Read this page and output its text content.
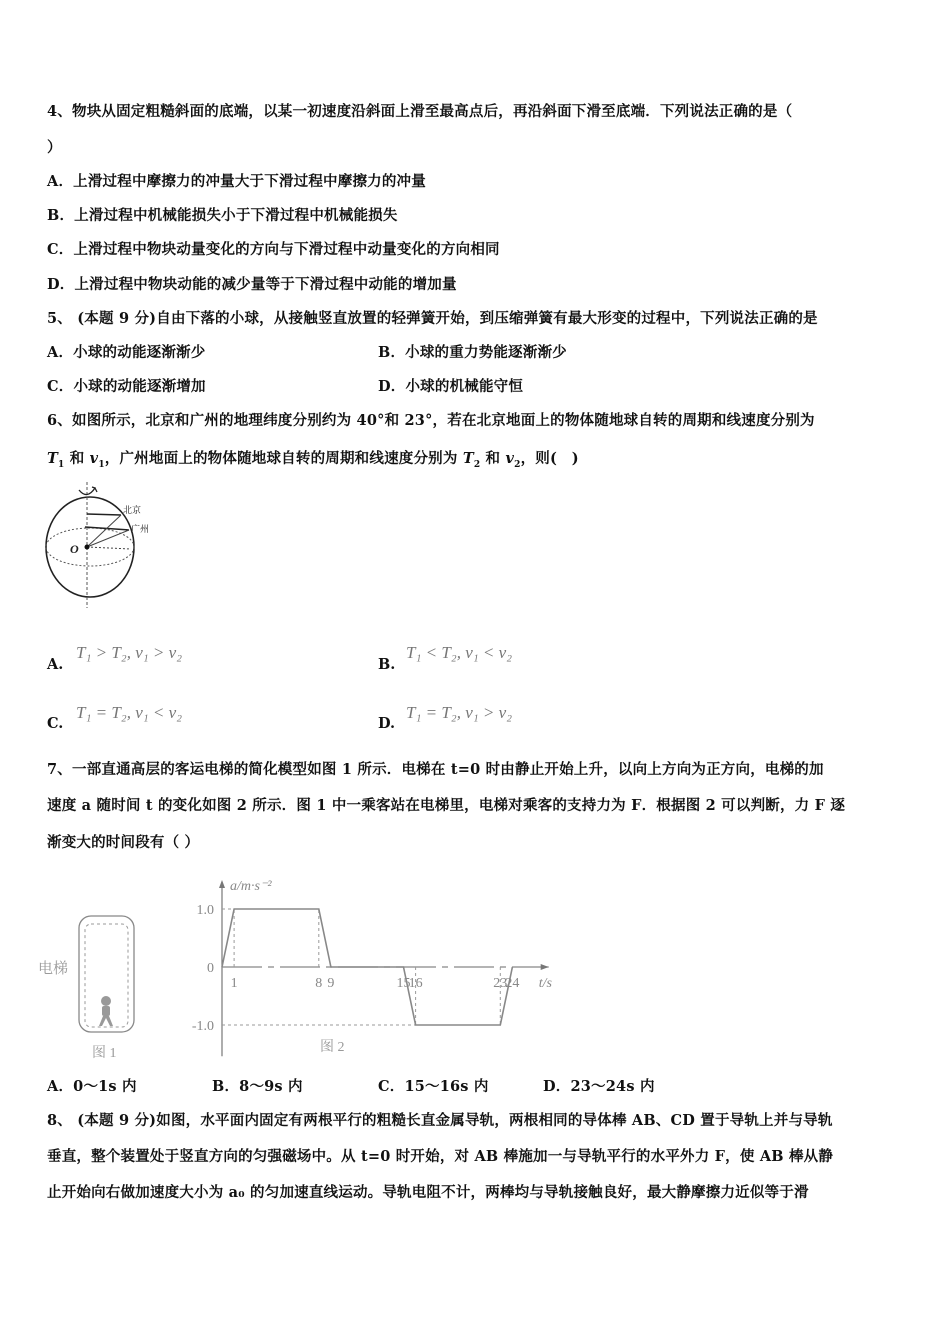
4、物块从固定粗糙斜面的底端，以某一初速度沿斜面上滑至最高点后，再沿斜面下滑至底端．下列说法正确的是（
）
A．上滑过程中摩擦力的冲量大于下滑过程中摩擦力的冲量
B．上滑过程中机械能损失小于下滑过程中机械能损失
C．上滑过程中物块动量变化的方向与下滑过程中动量变化的方向相同
D．上滑过程中物块动能的减少量等于下滑过程中动能的增加量
5、 (本题 9 分)自由下落的小球，从接触竖直放置的轻弹簧开始，到压缩弹簧有最大形变的过程中，下列说法正确的是
A．小球的动能逐渐渐少	B．小球的重力势能逐渐渐少
C．小球的动能逐渐增加	D．小球的机械能守恒
6、如图所示，北京和广州的地理纬度分别约为 40°和 23°，若在北京地面上的物体随地球自转的周期和线速度分别为
$T_1$ 和 $v_1$，广州地面上的物体随地球自转的周期和线速度分别为 $T_2$ 和 $v_2$，则(　)
北京
广州
O
A.
T₁ > T₂, v₁ > v₂
B.
T₁ < T₂, v₁ < v₂
C.
T₁ = T₂, v₁ < v₂
D.
T₁ = T₂, v₁ > v₂
7、一部直通高层的客运电梯的简化模型如图 1 所示．电梯在 t=0 时由静止开始上升，以向上方向为正方向，电梯的加
速度 a 随时间 t 的变化如图 2 所示．图 1 中一乘客站在电梯里，电梯对乘客的支持力为 F．根据图 2 可以判断，力 F 逐
渐变大的时间段有（ ）
电梯
图 1
a/m·s⁻²
t/s
1.0
0
-1.0
1	8 9	15
16	23
24
图 2
A．0～1s 内	B．8～9s 内	C．15～16s 内	D．23～24s 内
8、 (本题 9 分)如图，水平面内固定有两根平行的粗糙长直金属导轨，两根相同的导体棒 AB、CD 置于导轨上并与导轨
垂直，整个装置处于竖直方向的匀强磁场中。从 t=0 时开始，对 AB 棒施加一与导轨平行的水平外力 F，使 AB 棒从静
止开始向右做加速度大小为 a₀ 的匀加速直线运动。导轨电阻不计，两棒均与导轨接触良好，最大静摩擦力近似等于滑
